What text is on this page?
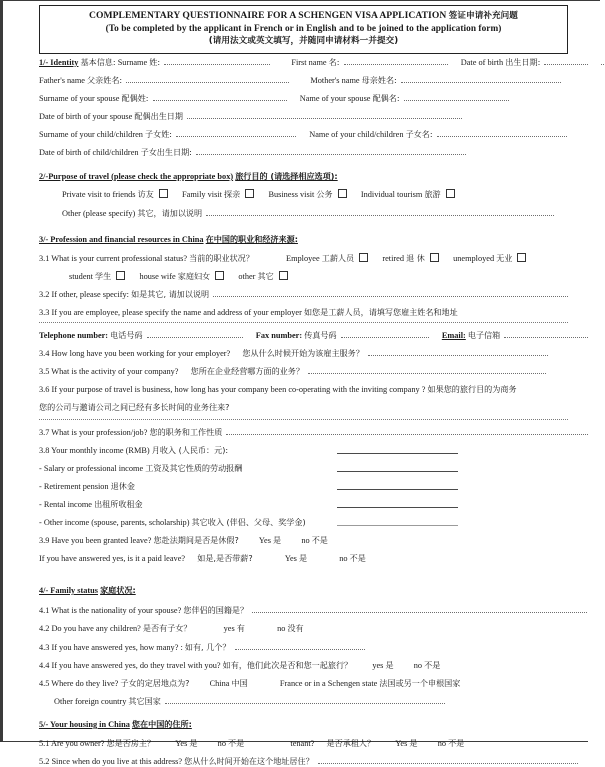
COMPLEMENTARY QUESTIONNAIRE FOR A SCHENGEN VISA APPLICATION 签证申请补充问题
(To be completed by the applicant in French or in English and to be joined to the application form)
(请用法文或英文填写，并随同申请材料一并提交)
1/- Identity 基本信息: Surname 姓:	First name 名:	Date of birth 出生日期:
Father's name 父亲姓名:	Mother's name 母亲姓名:
Surname of your spouse 配偶姓:	Name of your spouse 配偶名:
Date of birth of your spouse 配偶出生日期
Surname of your child/children 子女姓:	Name of your child/children 子女名:
Date of birth of child/children 子女出生日期:
2/-Purpose of travel (please check the appropriate box) 旅行目的 (请选择相应选项):
Private visit to friends 访友	Family visit 探亲	Business visit 公务	Individual tourism 旅游
Other (please specify) 其它，请加以说明
3/- Profession and financial resources in China 在中国的职业和经济来源:
3.1 What is your current professional status? 当前的职业状况？	Employee 工薪人员	retired 退 休	unemployed 无业
student 学生	house wife 家庭妇女	other 其它
3.2 If other, please specify: 如是其它, 请加以说明
3.3 If you are employee, please specify the name and address of your employer 如您是工薪人员，请填写您雇主姓名和地址
Telephone number: 电话号码	Fax number: 传真号码	Email: 电子信箱
3.4 How long have you been working for your employer? 您从什么时候开始为该雇主服务？
3.5 What is the activity of your company? 您所在企业经营哪方面的业务？
3.6 If your purpose of travel is business, how long has your company been co-operating with the inviting company ? 如果您的旅行目的为商务
您的公司与邀请公司之间已经有多长时间的业务往来?
3.7 What is your profession/job? 您的职务和工作性质
3.8 Your monthly income (RMB) 月收入 (人民币：元):
- Salary or professional income 工资及其它性质的劳动报酬
- Retirement pension 退休金
- Rental income 出租所收租金
- Other income (spouse, parents, scholarship) 其它收入 (伴侣、父母、奖学金)
3.9 Have you been granted leave? 您赴法期间是否是休假? Yes 是 no 不是
If you have answered yes, is it a paid leave? 如是,是否带薪?	Yes 是	no 不是
4/- Family status 家庭状况:
4.1 What is the nationality of your spouse? 您伴侣的国籍是？
4.2 Do you have any children? 是否有子女？	yes 有	no 没有
4.3 If you have answered yes, how many? : 如有, 几个？
4.4 If you have answered yes, do they travel with you? 如有，他们此次是否和您一起旅行？ yes 是 no 不是
4.5 Where do they live? 子女的定居地点为? China 中国	France or in a Schengen state 法国或另一个申根国家
Other foreign country 其它国家
5/- Your housing in China 您在中国的住所:
5.1 Are you owner? 您是否房主？ Yes 是 no 不是	tenant? 是否承租人？ Yes 是 no 不是
5.2 Since when do you live at this address? 您从什么时间开始在这个地址居住？
